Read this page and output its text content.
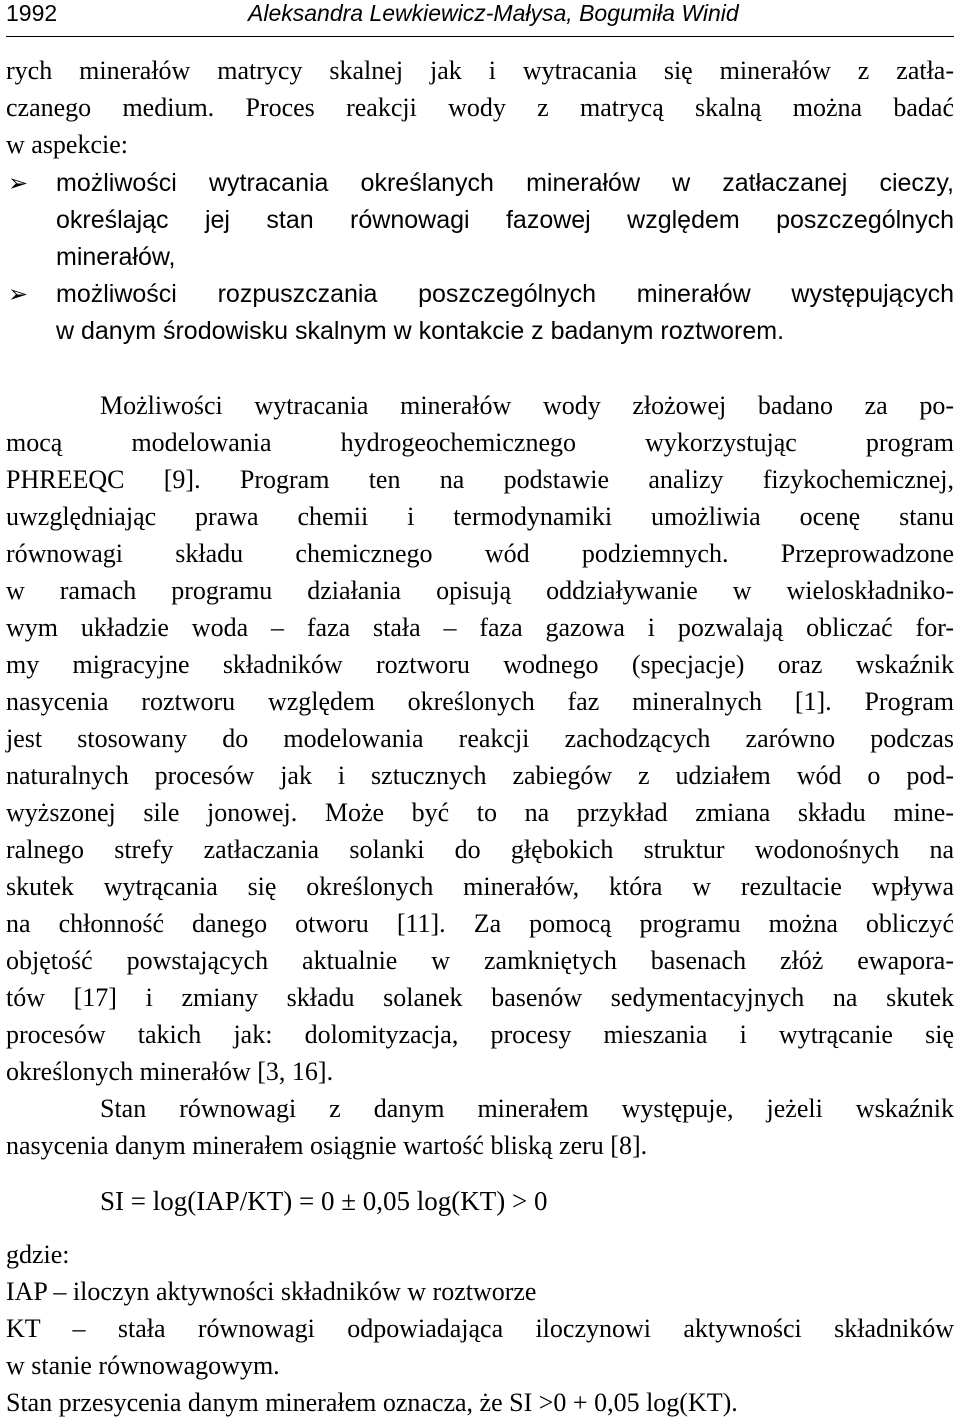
1992	Aleksandra Lewkiewicz-Małysa, Bogumiła Winid
rych minerałów matrycy skalnej jak i wytracania się minerałów z zatła-
czanego medium. Proces reakcji wody z matrycą skalną można badać
w aspekcie:
➢ możliwości wytracania określanych minerałów w zatłaczanej cieczy,
określając jej stan równowagi fazowej względem poszczególnych
minerałów,
➢ możliwości rozpuszczania poszczególnych minerałów występujących
w danym środowisku skalnym w kontakcie z badanym roztworem.
Możliwości wytracania minerałów wody złożowej badano za po-
mocą modelowania hydrogeochemicznego wykorzystując program
PHREEQC [9]. Program ten na podstawie analizy fizykochemicznej,
uwzględniając prawa chemii i termodynamiki umożliwia ocenę stanu
równowagi składu chemicznego wód podziemnych. Przeprowadzone
w ramach programu działania opisują oddziaływanie w wieloskładniko-
wym układzie woda – faza stała – faza gazowa i pozwalają obliczać for-
my migracyjne składników roztworu wodnego (specjacje) oraz wskaźnik
nasycenia roztworu względem określonych faz mineralnych [1]. Program
jest stosowany do modelowania reakcji zachodzących zarówno podczas
naturalnych procesów jak i sztucznych zabiegów z udziałem wód o pod-
wyższonej sile jonowej. Może być to na przykład zmiana składu mine-
ralnego strefy zatłaczania solanki do głębokich struktur wodonośnych na
skutek wytrącania się określonych minerałów, która w rezultacie wpływa
na chłonność danego otworu [11]. Za pomocą programu można obliczyć
objętość powstających aktualnie w zamkniętych basenach złóż ewapora-
tów [17] i zmiany składu solanek basenów sedymentacyjnych na skutek
procesów takich jak: dolomityzacja, procesy mieszania i wytrącanie się
określonych minerałów [3, 16].
Stan równowagi z danym minerałem występuje, jeżeli wskaźnik
nasycenia danym minerałem osiągnie wartość bliską zeru [8].
SI = log(IAP/KT) = 0 ± 0,05 log(KT) > 0
gdzie:
IAP – iloczyn aktywności składników w roztworze
KT – stała równowagi odpowiadająca iloczynowi aktywności składników
w stanie równowagowym.
Stan przesycenia danym minerałem oznacza, że SI >0 + 0,05 log(KT).
